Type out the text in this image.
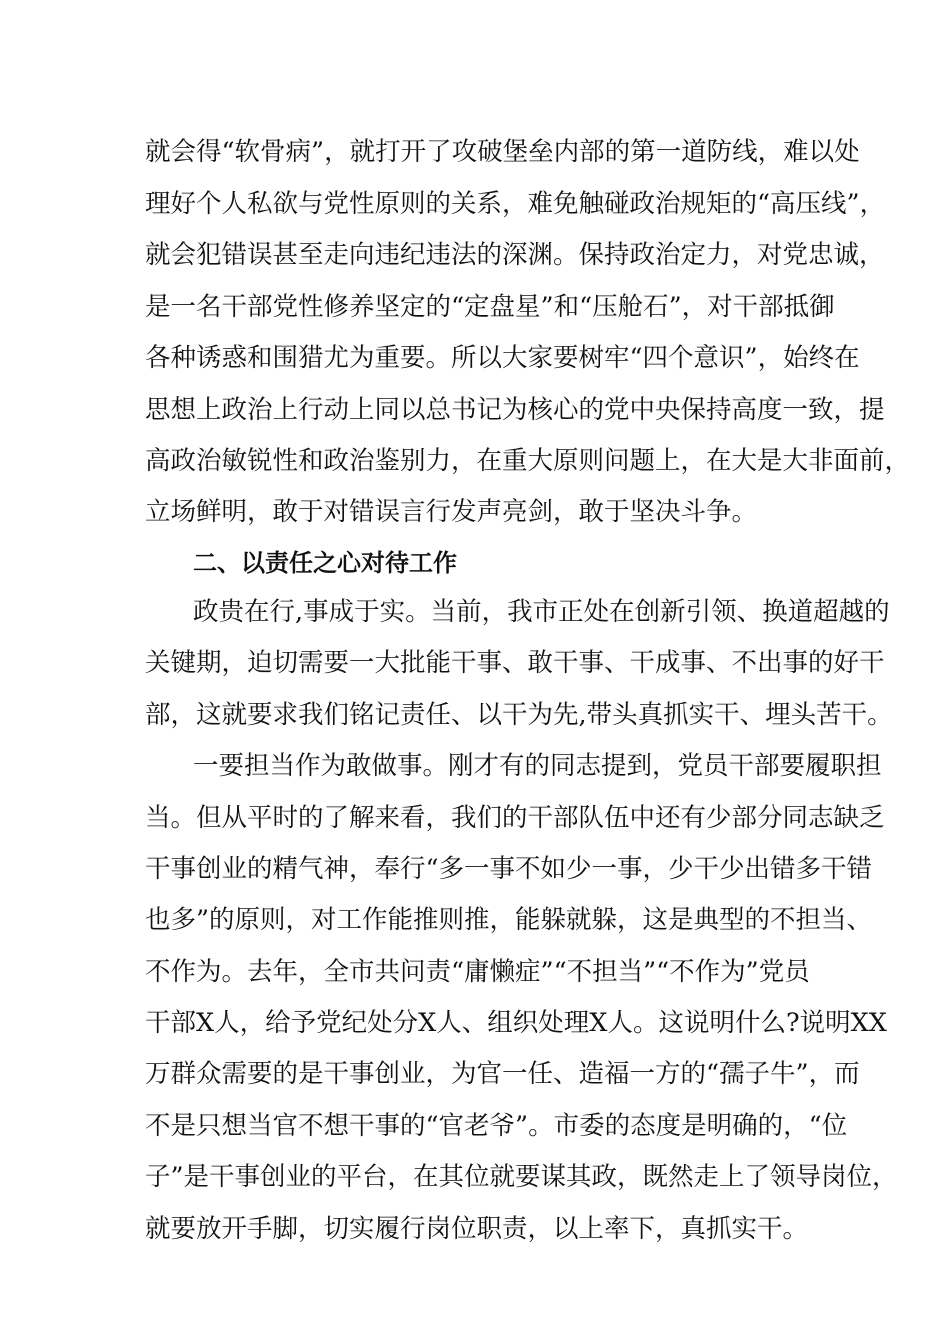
就会得“软骨病”，就打开了攻破堡垒内部的第一道防线，难以处
理好个人私欲与党性原则的关系，难免触碰政治规矩的“高压线”，
就会犯错误甚至走向违纪违法的深渊。保持政治定力，对党忠诚，
是一名干部党性修养坚定的“定盘星”和“压舱石”，对干部抵御
各种诱惑和围猎尤为重要。所以大家要树牢“四个意识”，始终在
思想上政治上行动上同以总书记为核心的党中央保持高度一致，提
高政治敏锐性和政治鉴别力，在重大原则问题上，在大是大非面前，
立场鲜明，敢于对错误言行发声亮剑，敢于坚决斗争。
二、以责任之心对待工作
政贵在行,事成于实。当前，我市正处在创新引领、换道超越的
关键期，迫切需要一大批能干事、敢干事、干成事、不出事的好干
部，这就要求我们铭记责任、以干为先,带头真抓实干、埋头苦干。
一要担当作为敢做事。刚才有的同志提到，党员干部要履职担
当。但从平时的了解来看，我们的干部队伍中还有少部分同志缺乏
干事创业的精气神，奉行“多一事不如少一事，少干少出错多干错
也多”的原则，对工作能推则推，能躲就躲，这是典型的不担当、
不作为。去年，全市共问责“庸懒症”“不担当”“不作为”党员
干部X人，给予党纪处分X人、组织处理X人。这说明什么?说明XX
万群众需要的是干事创业，为官一任、造福一方的“孺子牛”，而
不是只想当官不想干事的“官老爷”。市委的态度是明确的，“位
子”是干事创业的平台，在其位就要谋其政，既然走上了领导岗位，
就要放开手脚，切实履行岗位职责，以上率下，真抓实干。
